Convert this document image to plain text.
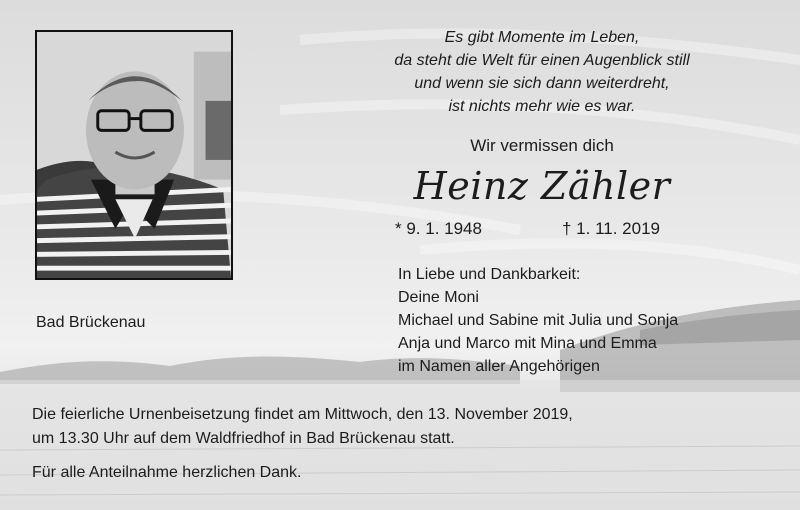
Bad Brückenau
Es gibt Momente im Leben,
da steht die Welt für einen Augenblick still
und wenn sie sich dann weiterdreht,
ist nichts mehr wie es war.
Wir vermissen dich
Heinz Zähler
* 9. 1. 1948	† 1. 11. 2019
In Liebe und Dankbarkeit:
Deine Moni
Michael und Sabine mit Julia und Sonja
Anja und Marco mit Mina und Emma
im Namen aller Angehörigen
Die feierliche Urnenbeisetzung findet am Mittwoch, den 13. November 2019,
um 13.30 Uhr auf dem Waldfriedhof in Bad Brückenau statt.
Für alle Anteilnahme herzlichen Dank.
